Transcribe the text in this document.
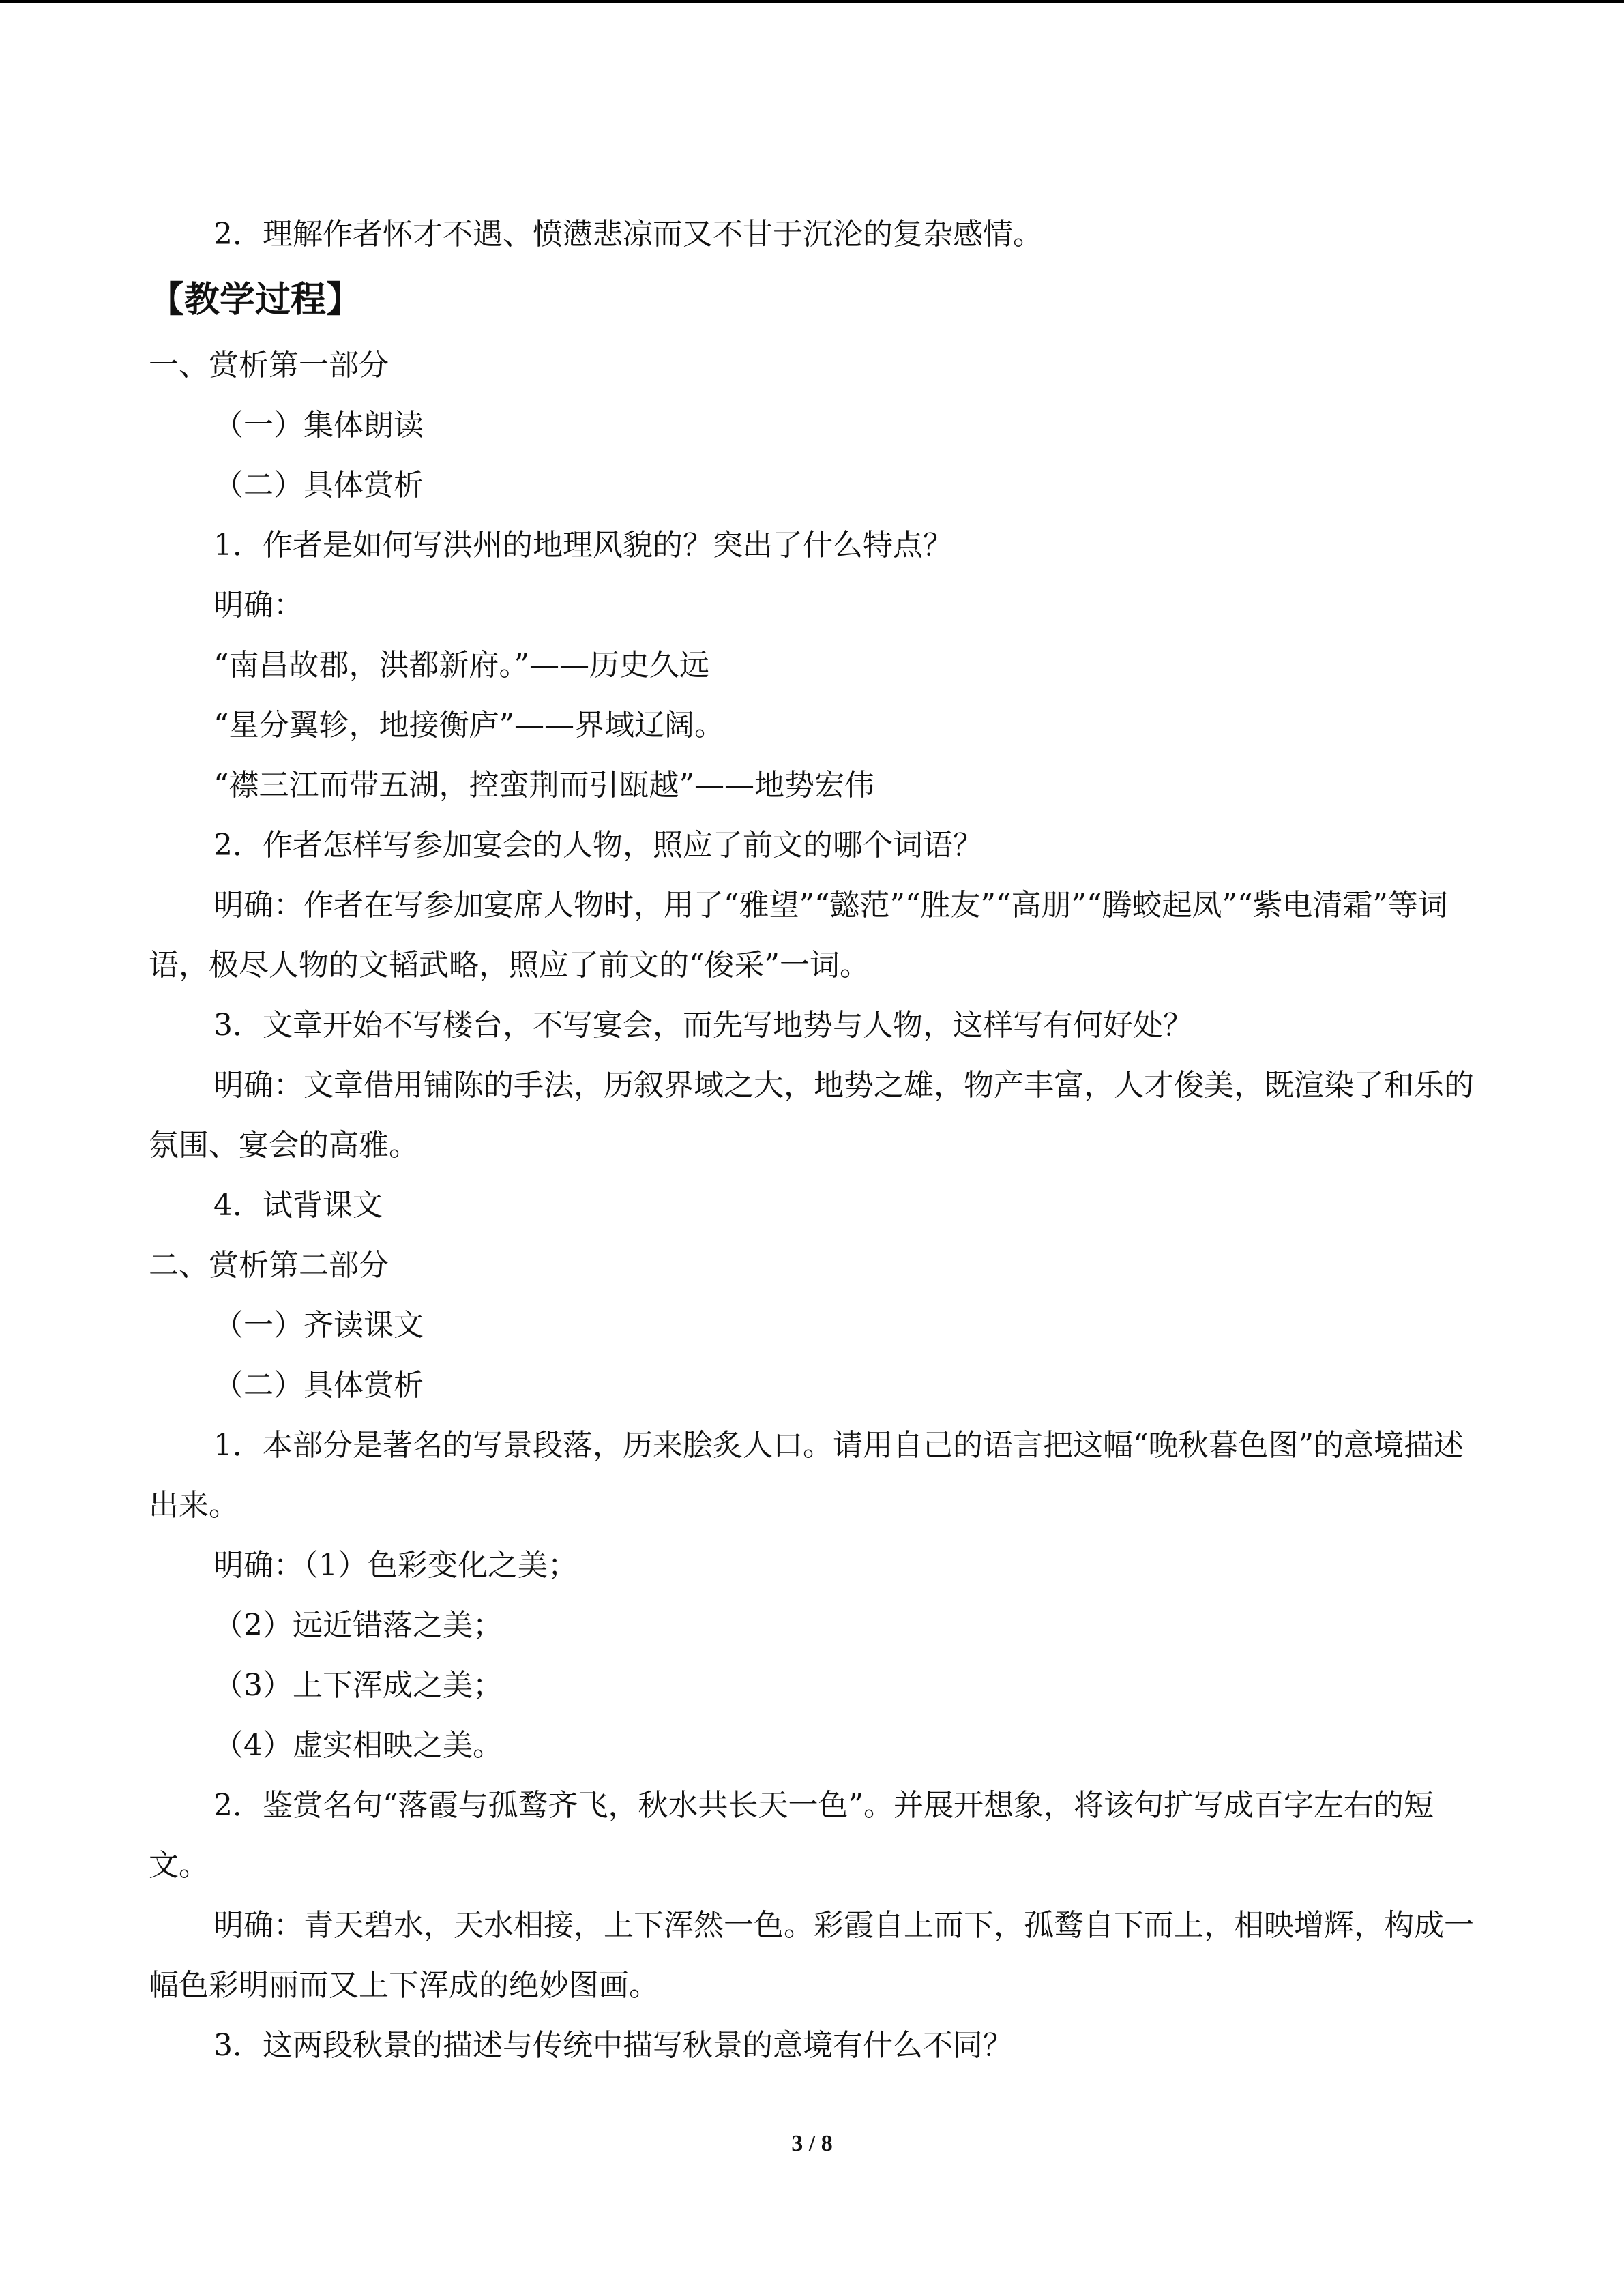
2．理解作者怀才不遇、愤懑悲凉而又不甘于沉沦的复杂感情。

【教学过程】

一、赏析第一部分

（一）集体朗读

（二）具体赏析

1．作者是如何写洪州的地理风貌的？突出了什么特点？

明确：

“南昌故郡，洪都新府。”——历史久远

“星分翼轸，地接衡庐”——界域辽阔。

“襟三江而带五湖，控蛮荆而引瓯越”——地势宏伟

2．作者怎样写参加宴会的人物，照应了前文的哪个词语？

明确：作者在写参加宴席人物时，用了“雅望”“懿范”“胜友”“高朋”“腾蛟起凤”“紫电清霜”等词语，极尽人物的文韬武略，照应了前文的“俊采”一词。

3．文章开始不写楼台，不写宴会，而先写地势与人物，这样写有何好处？

明确：文章借用铺陈的手法，历叙界域之大，地势之雄，物产丰富，人才俊美，既渲染了和乐的氛围、宴会的高雅。

4．试背课文

二、赏析第二部分

（一）齐读课文

（二）具体赏析

1．本部分是著名的写景段落，历来脍炙人口。请用自己的语言把这幅“晚秋暮色图”的意境描述出来。

明确：（1）色彩变化之美；

（2）远近错落之美；

（3）上下浑成之美；

（4）虚实相映之美。

2．鉴赏名句“落霞与孤鹜齐飞，秋水共长天一色”。并展开想象，将该句扩写成百字左右的短文。

明确：青天碧水，天水相接，上下浑然一色。彩霞自上而下，孤鹜自下而上，相映增辉，构成一幅色彩明丽而又上下浑成的绝妙图画。

3．这两段秋景的描述与传统中描写秋景的意境有什么不同？

3 / 8
